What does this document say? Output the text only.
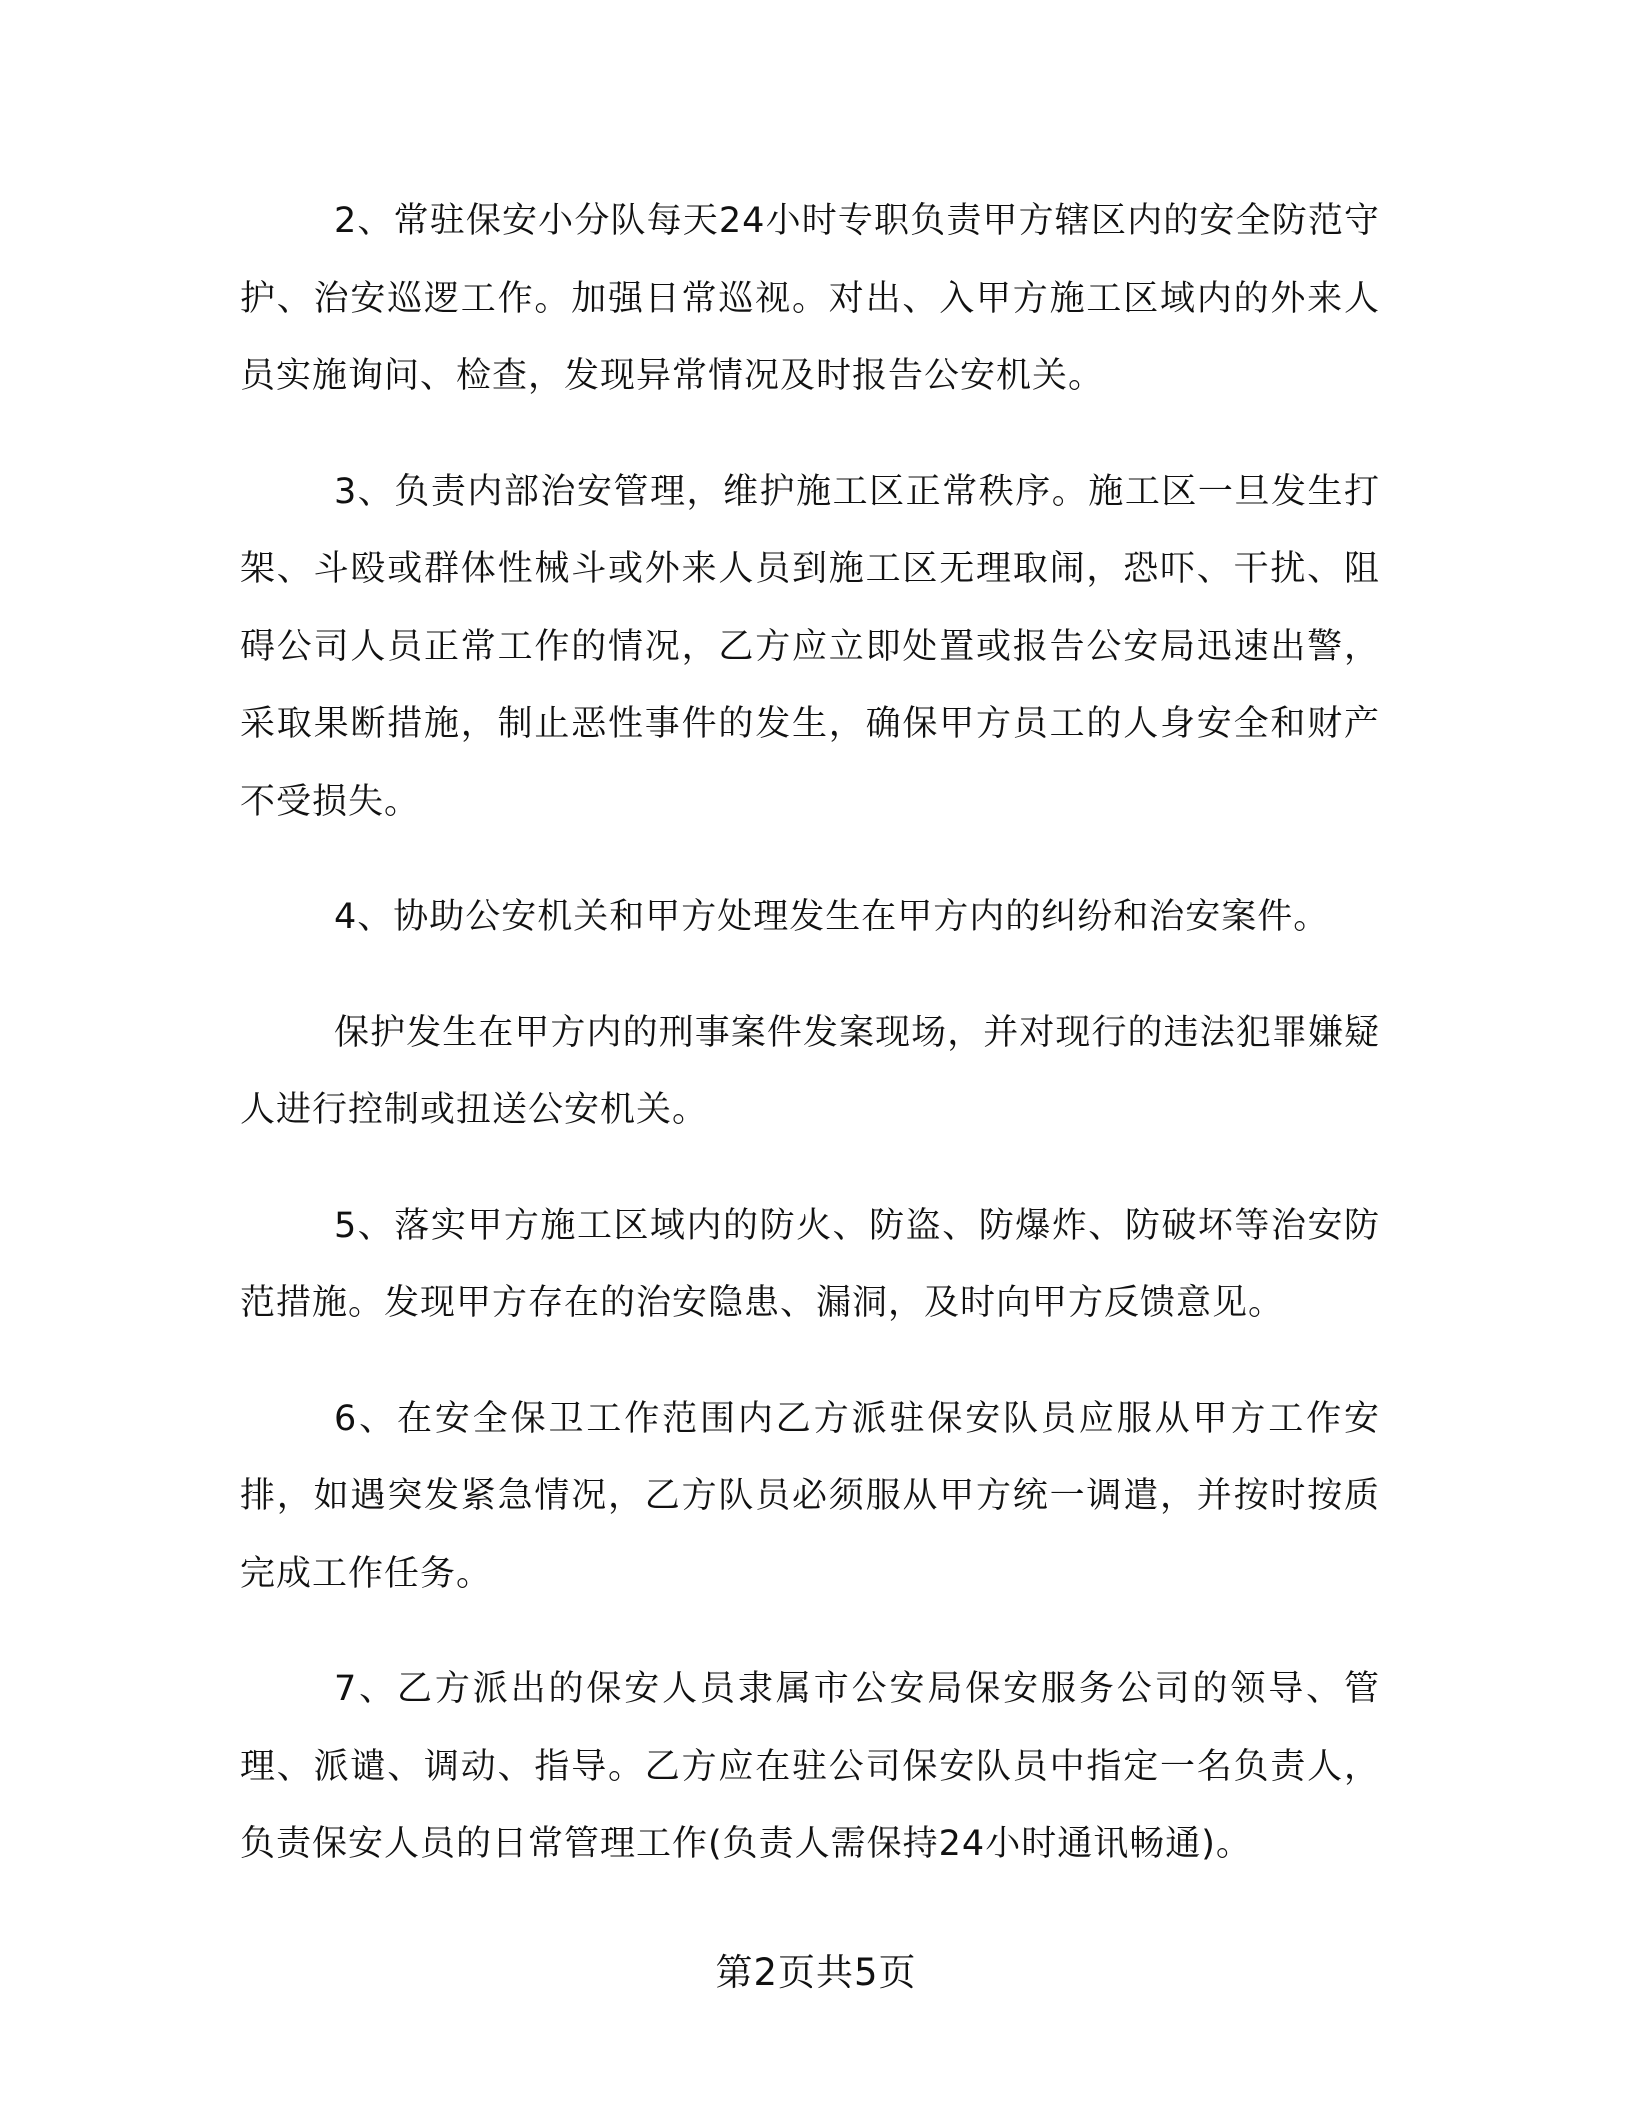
2、常驻保安小分队每天24小时专职负责甲方辖区内的安全防范守护、治安巡逻工作。加强日常巡视。对出、入甲方施工区域内的外来人员实施询问、检查，发现异常情况及时报告公安机关。

3、负责内部治安管理，维护施工区正常秩序。施工区一旦发生打架、斗殴或群体性械斗或外来人员到施工区无理取闹，恐吓、干扰、阻碍公司人员正常工作的情况，乙方应立即处置或报告公安局迅速出警，采取果断措施，制止恶性事件的发生，确保甲方员工的人身安全和财产不受损失。

4、协助公安机关和甲方处理发生在甲方内的纠纷和治安案件。

保护发生在甲方内的刑事案件发案现场，并对现行的违法犯罪嫌疑人进行控制或扭送公安机关。

5、落实甲方施工区域内的防火、防盗、防爆炸、防破坏等治安防范措施。发现甲方存在的治安隐患、漏洞，及时向甲方反馈意见。

6、在安全保卫工作范围内乙方派驻保安队员应服从甲方工作安排，如遇突发紧急情况，乙方队员必须服从甲方统一调遣，并按时按质完成工作任务。

7、乙方派出的保安人员隶属市公安局保安服务公司的领导、管理、派谴、调动、指导。乙方应在驻公司保安队员中指定一名负责人，负责保安人员的日常管理工作(负责人需保持24小时通讯畅通)。

第2页共5页
